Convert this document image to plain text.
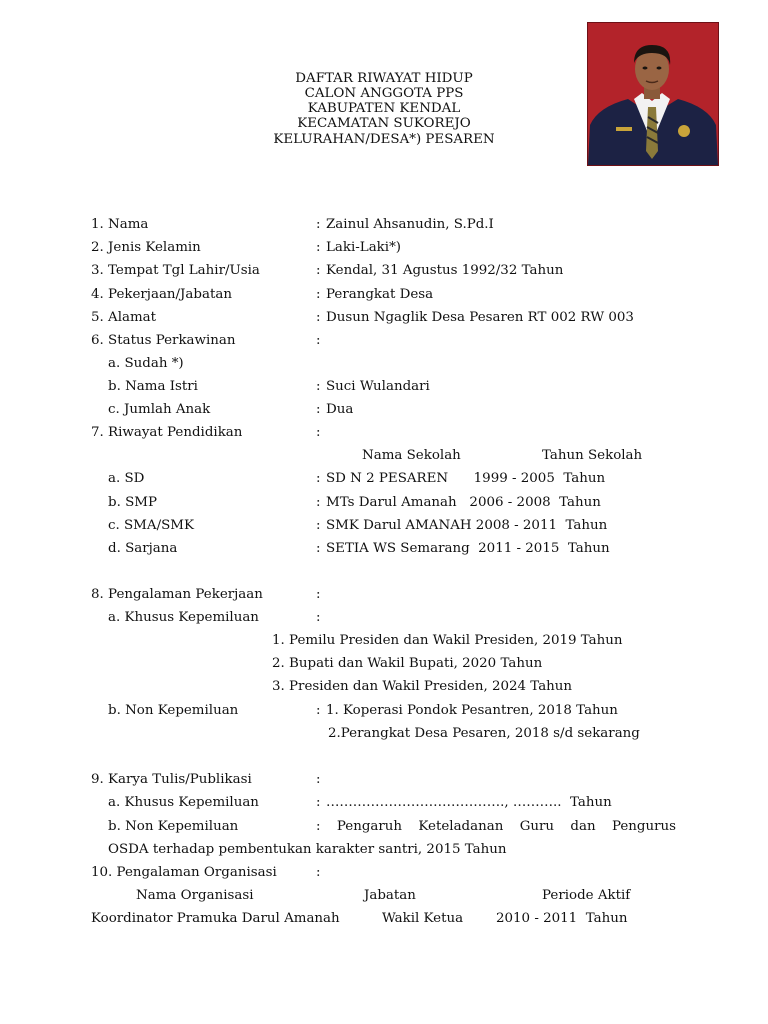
DAFTAR RIWAYAT HIDUP
CALON ANGGOTA PPS
KABUPATEN KENDAL
KECAMATAN SUKOREJO
KELURAHAN/DESA*) PESAREN
1. Nama	: Zainul Ahsanudin, S.Pd.I
2. Jenis Kelamin	: Laki-Laki*)
3. Tempat Tgl Lahir/Usia	: Kendal, 31 Agustus 1992/32 Tahun
4. Pekerjaan/Jabatan	: Perangkat Desa
5. Alamat	: Dusun Ngaglik Desa Pesaren RT 002 RW 003
6. Status Perkawinan	:
a. Sudah *)
b. Nama Istri	: Suci Wulandari
c. Jumlah Anak	: Dua
7. Riwayat Pendidikan	:
Nama Sekolah	Tahun Sekolah
a. SD	: SD N 2 PESAREN      1999 - 2005  Tahun
b. SMP	: MTs Darul Amanah   2006 - 2008  Tahun
c. SMA/SMK	: SMK Darul AMANAH 2008 - 2011  Tahun
d. Sarjana	: SETIA WS Semarang  2011 - 2015  Tahun
8. Pengalaman Pekerjaan	:
a. Khusus Kepemiluan	:
1. Pemilu Presiden dan Wakil Presiden, 2019 Tahun
2. Bupati dan Wakil Bupati, 2020 Tahun
3. Presiden dan Wakil Presiden, 2024 Tahun
b. Non Kepemiluan	: 1. Koperasi Pondok Pesantren, 2018 Tahun
2.Perangkat Desa Pesaren, 2018 s/d sekarang
9. Karya Tulis/Publikasi	:
a. Khusus Kepemiluan	: …………………………………., ………..  Tahun
b. Non Kepemiluan	: Pengaruh Keteladanan Guru dan Pengurus
OSDA terhadap pembentukan karakter santri, 2015 Tahun
10. Pengalaman Organisasi	:
Nama Organisasi	Jabatan	Periode Aktif
Koordinator Pramuka Darul Amanah	Wakil Ketua 2010 - 2011  Tahun
